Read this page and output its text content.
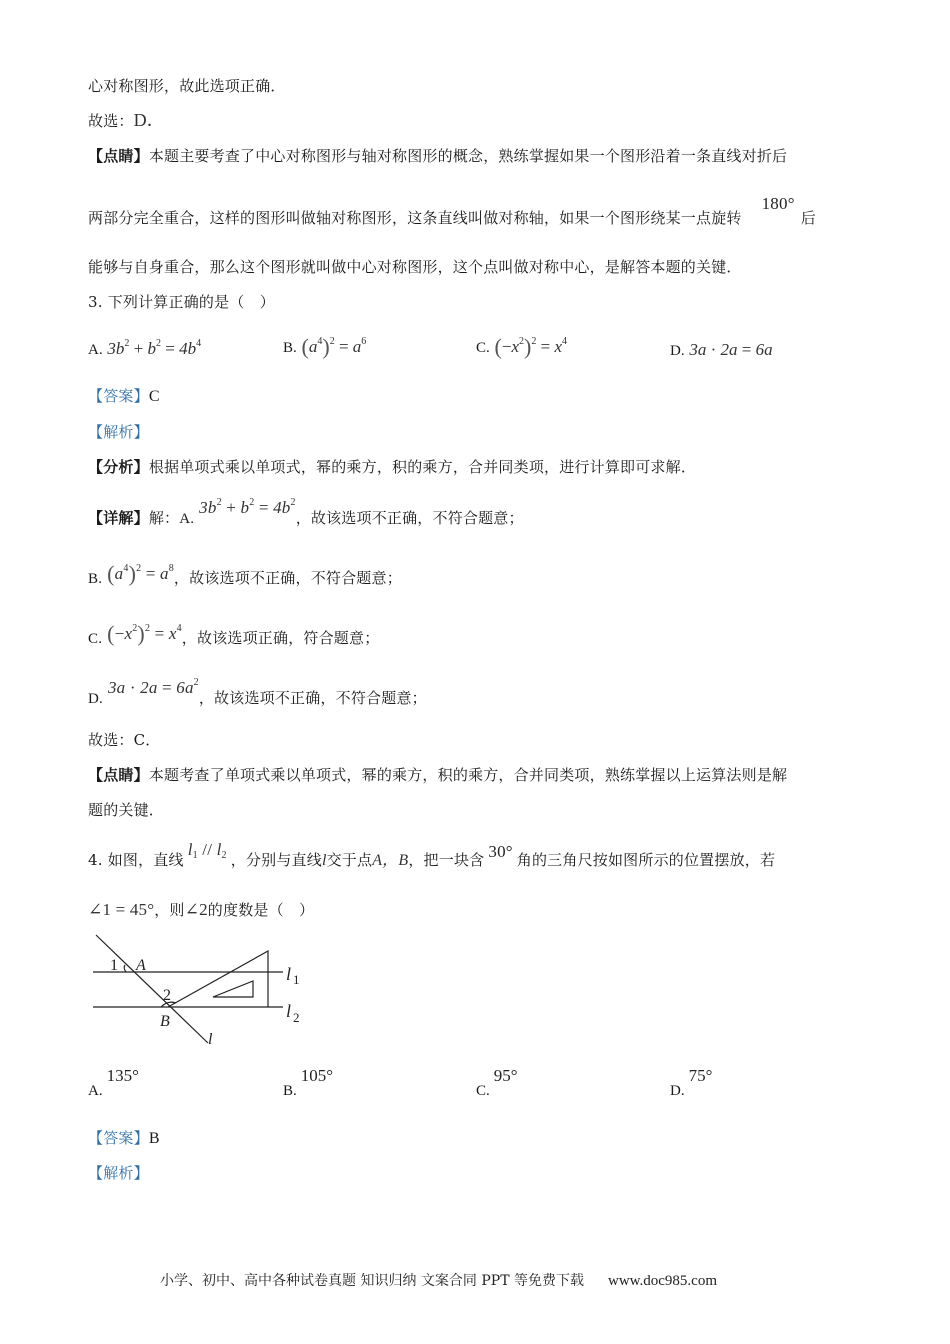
心对称图形，故此选项正确．
故选：D．
【点睛】本题主要考查了中心对称图形与轴对称图形的概念，熟练掌握如果一个图形沿着一条直线对折后
两部分完全重合，这样的图形叫做轴对称图形，这条直线叫做对称轴，如果一个图形绕某一点旋转180°后
能够与自身重合，那么这个图形就叫做中心对称图形，这个点叫做对称中心，是解答本题的关键．
3. 下列计算正确的是（　）
A. $3b^2 + b^2 = 4b^4$	B. $(a^4)^2 = a^6$	C. $(-x^2)^2 = x^4$
D. 3a · 2a = 6a
【答案】C
【解析】
【分析】根据单项式乘以单项式，幂的乘方，积的乘方，合并同类项，进行计算即可求解．
【详解】解：A. $3b^2 + b^2 = 4b^2$，故该选项不正确，不符合题意；
B. $(a^4)^2 = a^8$，故该选项不正确，不符合题意；
C. $(-x^2)^2 = x^4$，故该选项正确，符合题意；
D. $3a \cdot 2a = 6a^2$，故该选项不正确，不符合题意；
故选：C．
【点睛】本题考查了单项式乘以单项式，幂的乘方，积的乘方，合并同类项，熟练掌握以上运算法则是解
题的关键．
4. 如图，直线$l_1 // l_2$ ，分别与直线l交于点A，B，把一块含 30° 角的三角尺按如图所示的位置摆放，若
∠1 = 45°，则∠2的度数是（　）
1 A
2
B
l
l 1
l 2
A.135°
B.105°
C.95°
D.75°
【答案】B
【解析】
小学、初中、高中各种试卷真题 知识归纳 文案合同 PPT 等免费下载 www.doc985.com
